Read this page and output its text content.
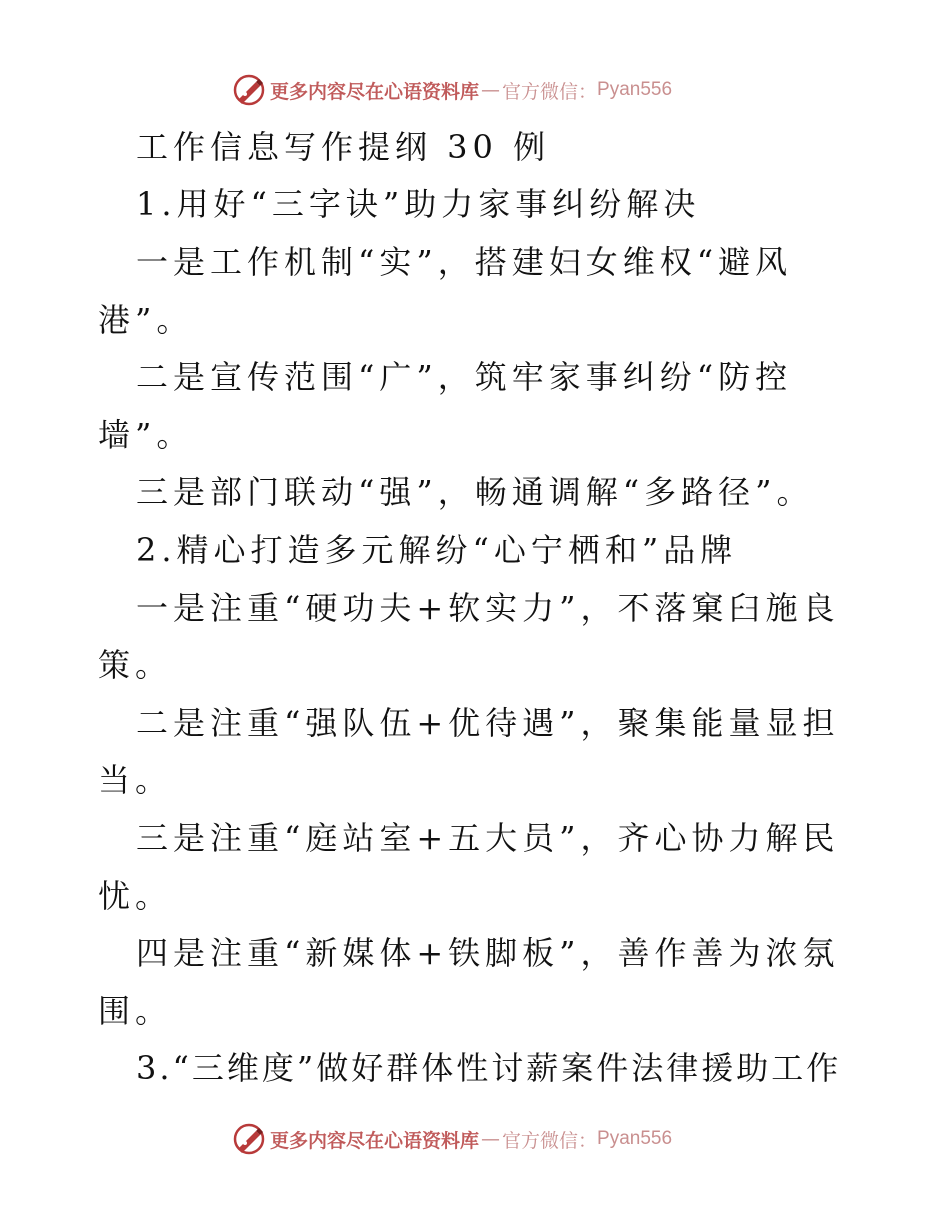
更多内容尽在心语资料库 — 官方微信： Pyan556
工作信息写作提纲 30 例
1.用好“三字诀”助力家事纠纷解决
一是工作机制“实”，搭建妇女维权“避风
港”。
二是宣传范围“广”，筑牢家事纠纷“防控
墙”。
三是部门联动“强”，畅通调解“多路径”。
2.精心打造多元解纷“心宁栖和”品牌
一是注重“硬功夫+软实力”，不落窠臼施良
策。
二是注重“强队伍+优待遇”，聚集能量显担
当。
三是注重“庭站室+五大员”，齐心协力解民
忧。
四是注重“新媒体+铁脚板”，善作善为浓氛
围。
3.“三维度”做好群体性讨薪案件法律援助工作
更多内容尽在心语资料库 — 官方微信： Pyan556
